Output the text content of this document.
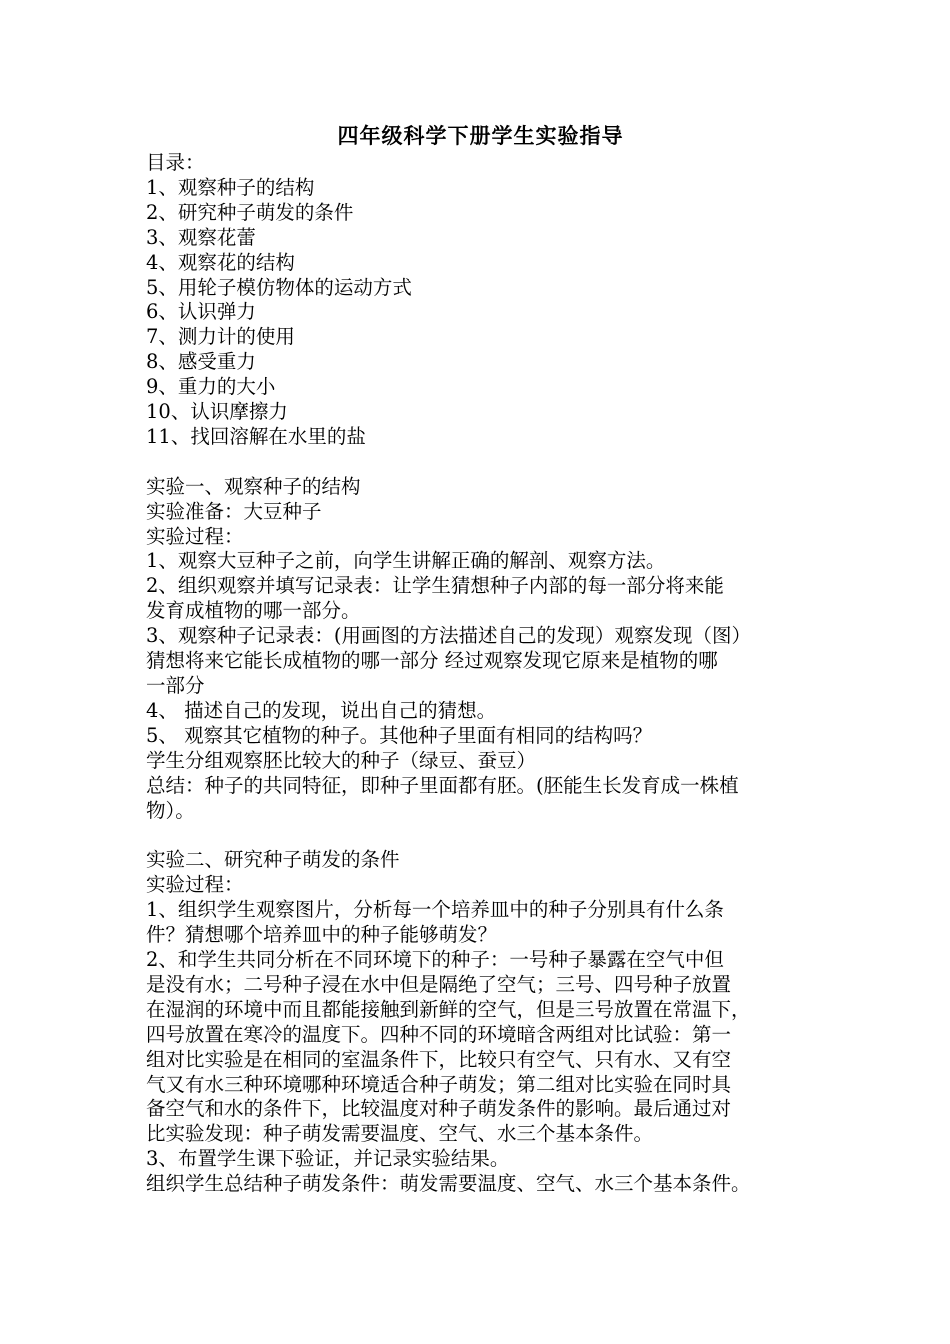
四年级科学下册学生实验指导
目录：
1、观察种子的结构
2、研究种子萌发的条件
3、观察花蕾
4、观察花的结构
5、用轮子模仿物体的运动方式
6、认识弹力
7、测力计的使用
8、感受重力
9、重力的大小
10、认识摩擦力
11、找回溶解在水里的盐
实验一、观察种子的结构
实验准备：大豆种子
实验过程：
1、观察大豆种子之前，向学生讲解正确的解剖、观察方法。
2、组织观察并填写记录表：让学生猜想种子内部的每一部分将来能
发育成植物的哪一部分。
3、观察种子记录表：(用画图的方法描述自己的发现）观察发现（图）
猜想将来它能长成植物的哪一部分 经过观察发现它原来是植物的哪
一部分
4、 描述自己的发现，说出自己的猜想。
5、 观察其它植物的种子。其他种子里面有相同的结构吗？
学生分组观察胚比较大的种子（绿豆、蚕豆）
总结：种子的共同特征，即种子里面都有胚。(胚能生长发育成一株植
物）。
实验二、研究种子萌发的条件
实验过程：
1、组织学生观察图片，分析每一个培养皿中的种子分别具有什么条
件？猜想哪个培养皿中的种子能够萌发？
2、和学生共同分析在不同环境下的种子：一号种子暴露在空气中但
是没有水；二号种子浸在水中但是隔绝了空气；三号、四号种子放置
在湿润的环境中而且都能接触到新鲜的空气，但是三号放置在常温下，
四号放置在寒冷的温度下。四种不同的环境暗含两组对比试验：第一
组对比实验是在相同的室温条件下，比较只有空气、只有水、又有空
气又有水三种环境哪种环境适合种子萌发；第二组对比实验在同时具
备空气和水的条件下，比较温度对种子萌发条件的影响。最后通过对
比实验发现：种子萌发需要温度、空气、水三个基本条件。
3、布置学生课下验证，并记录实验结果。
组织学生总结种子萌发条件：萌发需要温度、空气、水三个基本条件。
